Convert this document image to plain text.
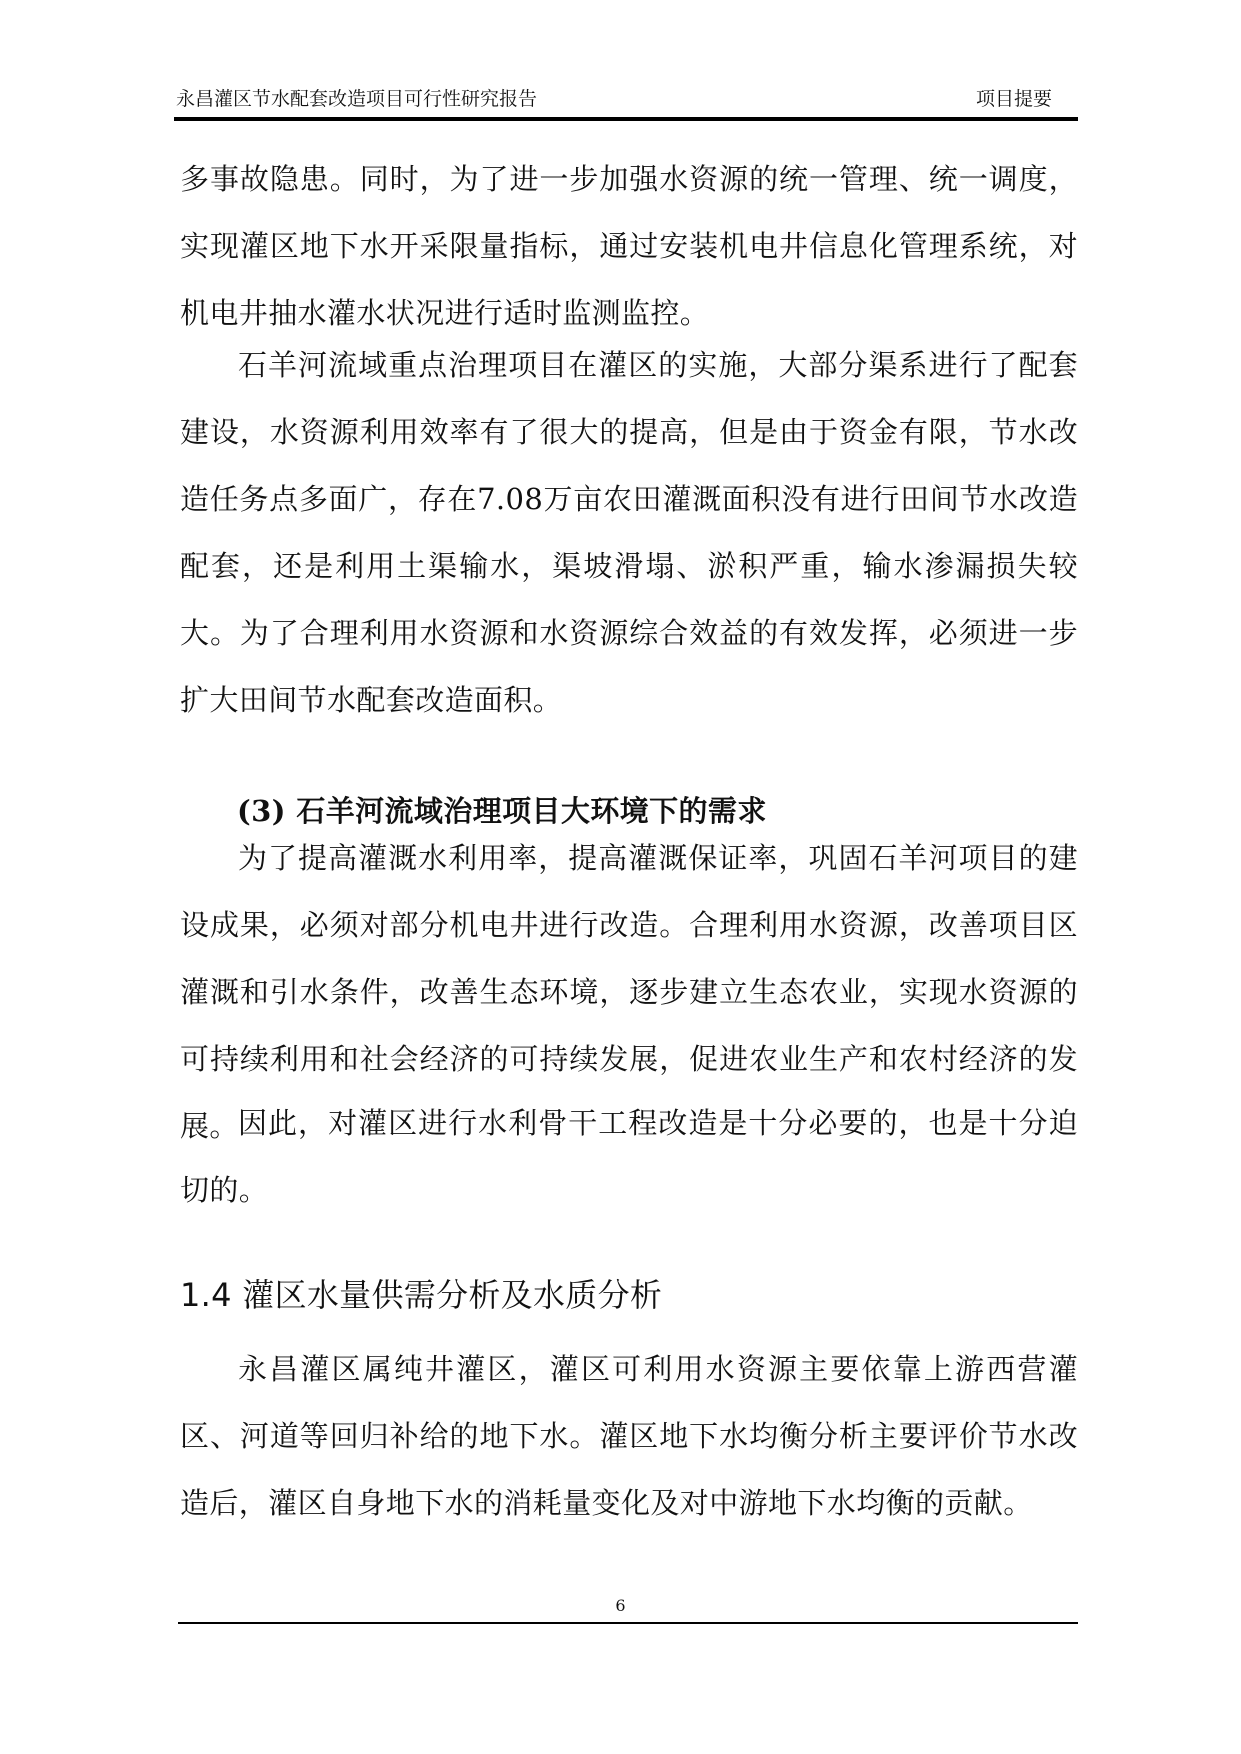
永昌灌区节水配套改造项目可行性研究报告	项目提要
多事故隐患。同时，为了进一步加强水资源的统一管理、统一调度，实现灌区地下水开采限量指标，通过安装机电井信息化管理系统，对机电井抽水灌水状况进行适时监测监控。
石羊河流域重点治理项目在灌区的实施，大部分渠系进行了配套建设，水资源利用效率有了很大的提高，但是由于资金有限，节水改造任务点多面广，存在7.08万亩农田灌溉面积没有进行田间节水改造配套，还是利用土渠输水，渠坡滑塌、淤积严重，输水渗漏损失较大。为了合理利用水资源和水资源综合效益的有效发挥，必须进一步扩大田间节水配套改造面积。
(3) 石羊河流域治理项目大环境下的需求
为了提高灌溉水利用率，提高灌溉保证率，巩固石羊河项目的建设成果，必须对部分机电井进行改造。合理利用水资源，改善项目区灌溉和引水条件，改善生态环境，逐步建立生态农业，实现水资源的可持续利用和社会经济的可持续发展，促进农业生产和农村经济的发展。 因此，对灌区进行水利骨干工程改造是十分必要的，也是十分迫切的。
1.4 灌区水量供需分析及水质分析
永昌灌区属纯井灌区，灌区可利用水资源主要依靠上游西营灌区、河道等回归补给的地下水。灌区地下水均衡分析主要评价节水改造后，灌区自身地下水的消耗量变化及对中游地下水均衡的贡献。
6
